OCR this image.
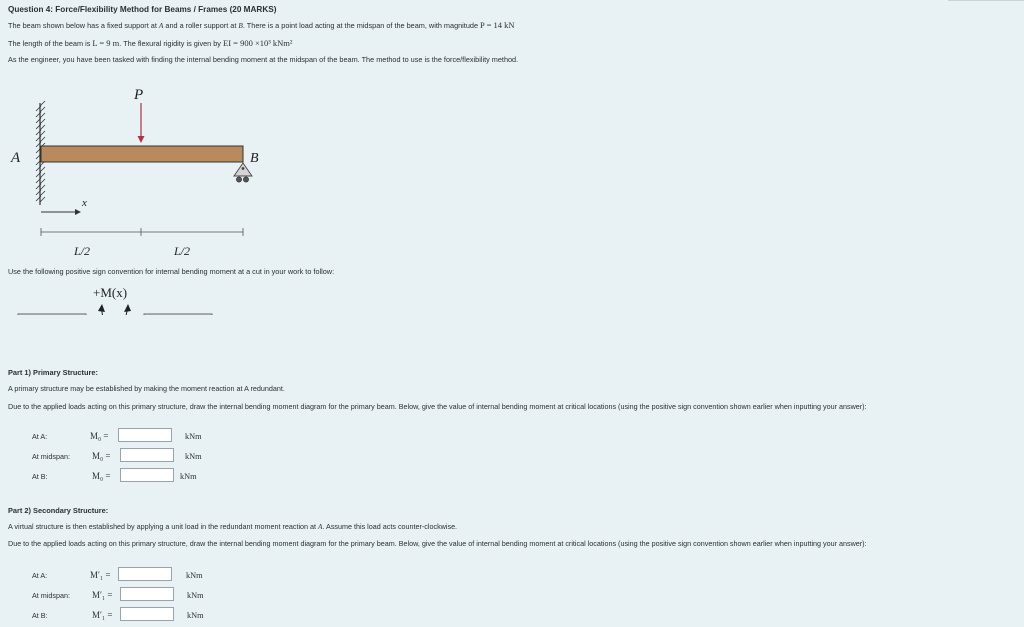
Question 4: Force/Flexibility Method for Beams / Frames (20 MARKS)
The beam shown below has a fixed support at A and a roller support at B. There is a point load acting at the midspan of the beam, with magnitude P = 14 kN
The length of the beam is L = 9 m. The flexural rigidity is given by EI = 900 ×10³ kNm²
As the engineer, you have been tasked with finding the internal bending moment at the midspan of the beam. The method to use is the force/flexibility method.
P
A	B
x
L/2	L/2
+M(x)
Use the following positive sign convention for internal bending moment at a cut in your work to follow:
Part 1) Primary Structure:
A primary structure may be established by making the moment reaction at A redundant.
Due to the applied loads acting on this primary structure, draw the internal bending moment diagram for the primary beam. Below, give the value of internal bending moment at critical locations (using the positive sign convention shown earlier when inputting your answer):
At A:	M₀ =	kNm
At midspan: M₀ =	kNm
At B:	M₀ =	kNm
Part 2) Secondary Structure:
A virtual structure is then established by applying a unit load in the redundant moment reaction at A. Assume this load acts counter-clockwise.
Due to the applied loads acting on this primary structure, draw the internal bending moment diagram for the primary beam. Below, give the value of internal bending moment at critical locations (using the positive sign convention shown earlier when inputting your answer):
At A:	M′₁ =	kNm
At midspan: M′₁ =	kNm
At B:	M′₁ =	kNm
